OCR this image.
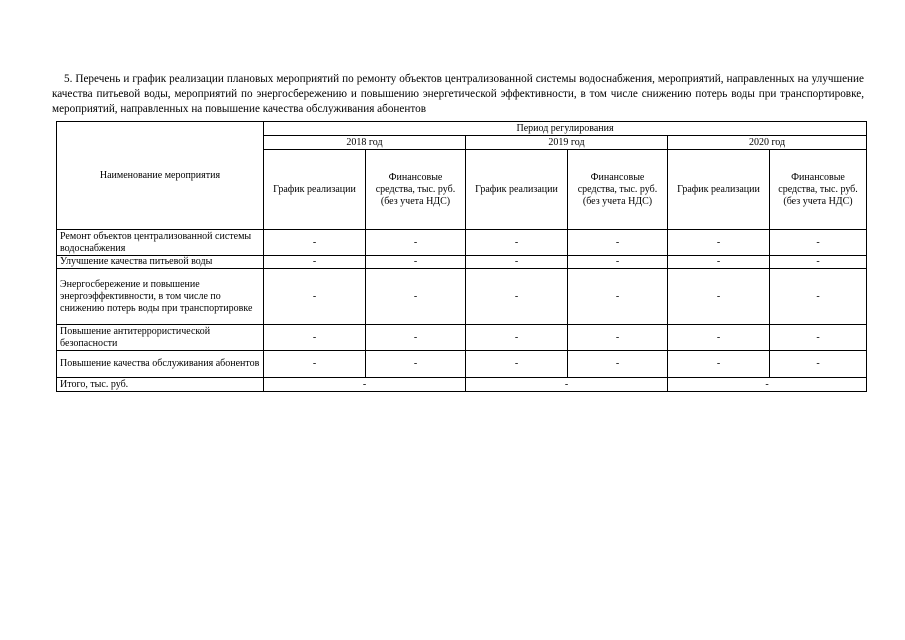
5. Перечень и график реализации плановых мероприятий по ремонту объектов централизованной системы водоснабжения, мероприятий, направленных на улучшение качества питьевой воды, мероприятий по энергосбережению и повышению энергетической эффективности, в том числе снижению потерь воды при транспортировке, мероприятий, направленных на повышение качества обслуживания абонентов

Наименование мероприятия	Период регулирования					
	2018 год		2019 год		2020 год	
	График реализации	Финансовые средства, тыс. руб. (без учета НДС)	График реализации	Финансовые средства, тыс. руб. (без учета НДС)	График реализации	Финансовые средства, тыс. руб. (без учета НДС)
Ремонт объектов централизованной системы водоснабжения	-	-	-	-	-	-
Улучшение качества питьевой воды	-	-	-	-	-	-
Энергосбережение и повышение энергоэффективности, в том числе по снижению потерь воды при транспортировке	-	-	-	-	-	-
Повышение антитеррористической безопасности	-	-	-	-	-	-
Повышение качества обслуживания абонентов	-	-	-	-	-	-
Итого, тыс. руб.	-		-		-	
